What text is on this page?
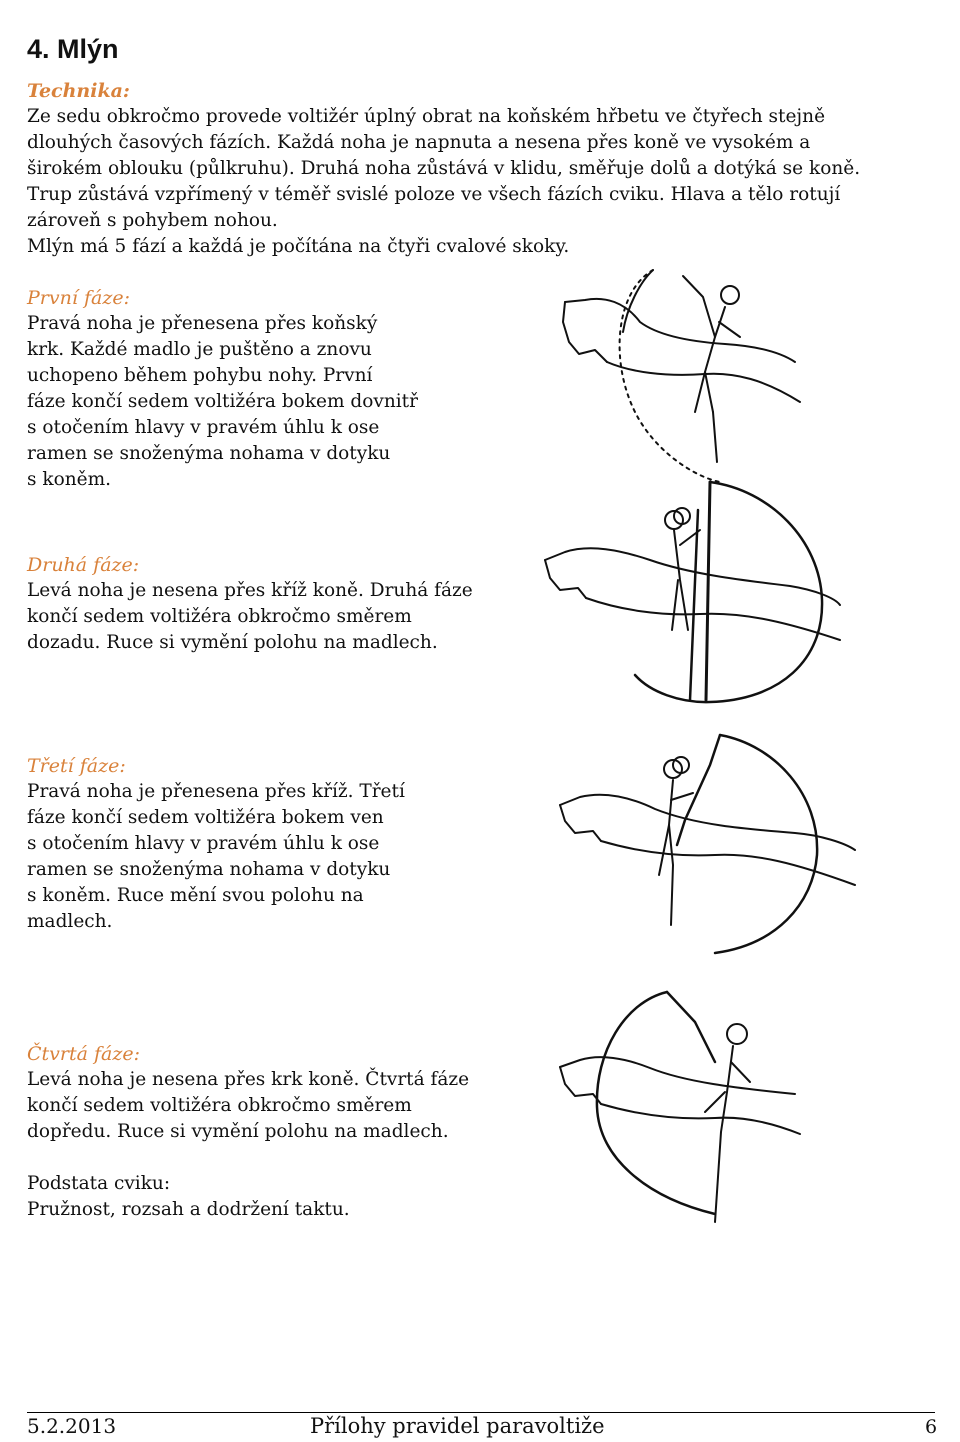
4. Mlýn
Technika:

Ze sedu obkročmo provede voltižér úplný obrat na koňském hřbetu ve čtyřech stejně

dlouhých časových fázích. Každá noha je napnuta a nesena přes koně ve vysokém a

širokém oblouku (půlkruhu). Druhá noha zůstává v klidu, směřuje dolů a dotýká se koně.

Trup zůstává vzpřímený v téměř svislé poloze ve všech fázích cviku. Hlava a tělo rotují

zároveň s pohybem nohou.

Mlýn má 5 fází a každá je počítána na čtyři cvalové skoky.

První fáze:

Pravá noha je přenesena přes koňský

krk. Každé madlo je puštěno a znovu

uchopeno během pohybu nohy. První

fáze končí sedem voltižéra bokem dovnitř

s otočením hlavy v pravém úhlu k ose

ramen se snoženýma nohama v dotyku

s koněm.

Druhá fáze:

Levá noha je nesena přes kříž koně. Druhá fáze

končí sedem voltižéra obkročmo směrem

dozadu. Ruce si vymění polohu na madlech.

Třetí fáze:

Pravá noha je přenesena přes kříž. Třetí

fáze končí sedem voltižéra bokem ven

s otočením hlavy v pravém úhlu k ose

ramen se snoženýma nohama v dotyku

s koněm. Ruce mění svou polohu na

madlech.

Čtvrtá fáze:

Levá noha je nesena přes krk koně. Čtvrtá fáze

končí sedem voltižéra obkročmo směrem

dopředu. Ruce si vymění polohu na madlech.

Podstata cviku:

Pružnost, rozsah a dodržení taktu.

5.2.2013	Přílohy pravidel paravoltiže	6
